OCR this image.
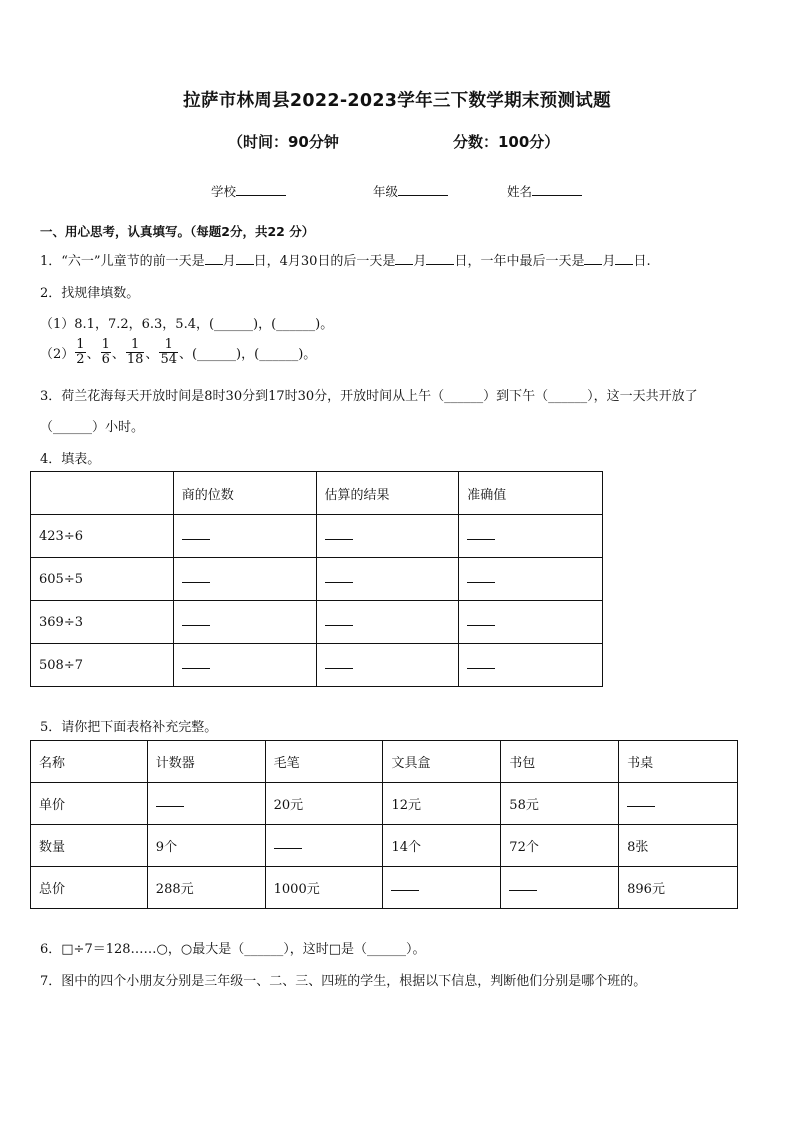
拉萨市林周县2022-2023学年三下数学期末预测试题
（时间：90分钟	分数：100分）
学校	年级	姓名
一、用心思考，认真填写。（每题2分，共22 分）
1．“六一”儿童节的前一天是 月 日，4月30日的后一天是 月 日，一年中最后一天是 月 日.
2．找规律填数。
（1）8.1，7.2，6.3，5.4，(______)，(______)。
$(2) \frac{1}{2}$ 、 $\frac{1}{6}$ 、 $\frac{1}{18}$ 、 $\frac{1}{54}$ 、(______)，(______)。
3．荷兰花海每天开放时间是8时30分到17时30分，开放时间从上午（______）到下午（______），这一天共开放了
（______）小时。
4．填表。
	商的位数	估算的结果	准确值
423÷6			
605÷5			
369÷3			
508÷7			
5．请你把下面表格补充完整。
名称	计数器	毛笔	文具盒	书包	书桌
单价		20元	12元	58元	
数量	9个		14个	72个	8张
总价	288元	1000元			896元
6．□÷7＝128……○，○最大是（______），这时□是（______）。
7．图中的四个小朋友分别是三年级一、二、三、四班的学生，根据以下信息，判断他们分别是哪个班的。
